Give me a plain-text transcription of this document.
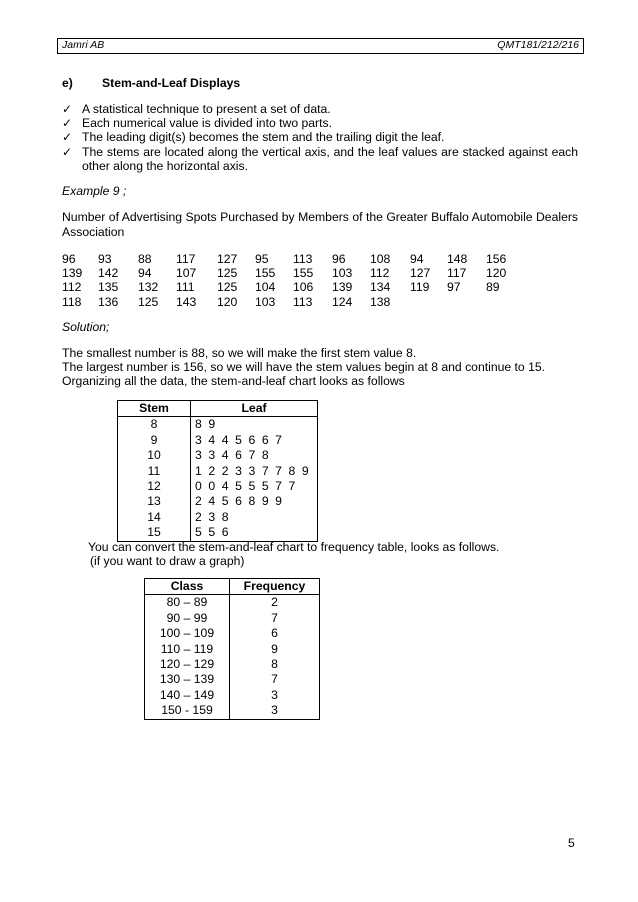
Jamri AB	QMT181/212/216
e) Stem-and-Leaf Displays
✓ A statistical technique to present a set of data.
✓ Each numerical value is divided into two parts.
✓ The leading digit(s) becomes the stem and the trailing digit the leaf.
✓ The stems are located along the vertical axis, and the leaf values are stacked against each other along the horizontal axis.
Example 9 ;
Number of Advertising Spots Purchased by Members of the Greater Buffalo Automobile Dealers Association
96 93 88 117 127 95 113 96 108 94 148 156
139 142 94 107 125 155 155 103 112 127 117 120
112 135 132 111 125 104 106 139 134 119 97 89
118 136 125 143 120 103 113 124 138
Solution;
The smallest number is 88, so we will make the first stem value 8.
The largest number is 156, so we will have the stem values begin at 8 and continue to 15.
Organizing all the data, the stem-and-leaf chart looks as follows
Stem	Leaf
8	8 9
9	3 4 4 5 6 6 7
10	3 3 4 6 7 8
11	1 2 2 3 3 7 7 8 9
12	0 0 4 5 5 5 7 7
13	2 4 5 6 8 9 9
14	2 3 8
15	5 5 6
You can convert the stem-and-leaf chart to frequency table, looks as follows.
(if you want to draw a graph)
Class	Frequency
80 – 89	2
90 – 99	7
100 – 109	6
110 – 119	9
120 – 129	8
130 – 139	7
140 – 149	3
150 - 159	3
5
